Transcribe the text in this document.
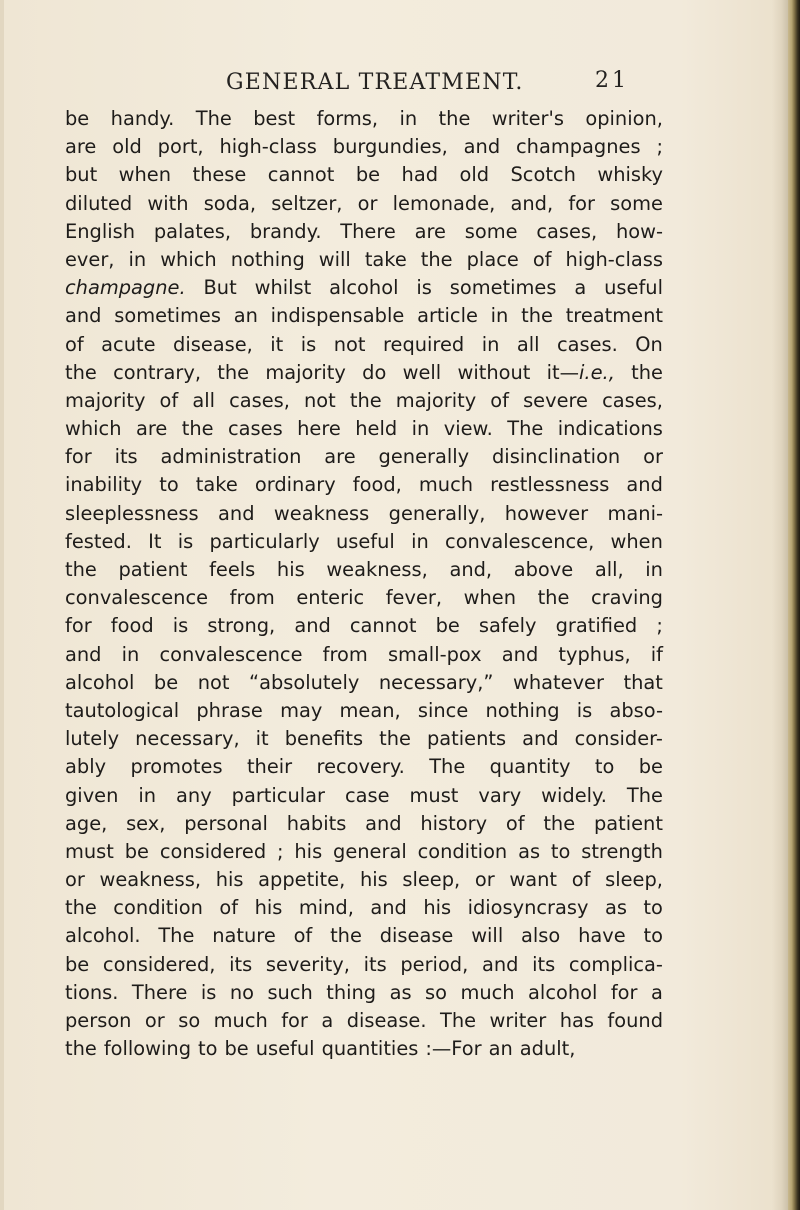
GENERAL TREATMENT.	21
be handy. The best forms, in the writer's opinion,
are old port, high-class burgundies, and champagnes ;
but when these cannot be had old Scotch whisky
diluted with soda, seltzer, or lemonade, and, for some
English palates, brandy. There are some cases, how-
ever, in which nothing will take the place of high-class
champagne. But whilst alcohol is sometimes a useful
and sometimes an indispensable article in the treatment
of acute disease, it is not required in all cases. On
the contrary, the majority do well without it—i.e., the
majority of all cases, not the majority of severe cases,
which are the cases here held in view. The indications
for its administration are generally disinclination or
inability to take ordinary food, much restlessness and
sleeplessness and weakness generally, however mani-
fested. It is particularly useful in convalescence, when
the patient feels his weakness, and, above all, in
convalescence from enteric fever, when the craving
for food is strong, and cannot be safely gratified ;
and in convalescence from small-pox and typhus, if
alcohol be not “absolutely necessary,” whatever that
tautological phrase may mean, since nothing is abso-
lutely necessary, it benefits the patients and consider-
ably promotes their recovery. The quantity to be
given in any particular case must vary widely. The
age, sex, personal habits and history of the patient
must be considered ; his general condition as to strength
or weakness, his appetite, his sleep, or want of sleep,
the condition of his mind, and his idiosyncrasy as to
alcohol. The nature of the disease will also have to
be considered, its severity, its period, and its complica-
tions. There is no such thing as so much alcohol for a
person or so much for a disease. The writer has found
the following to be useful quantities :—For an adult,
